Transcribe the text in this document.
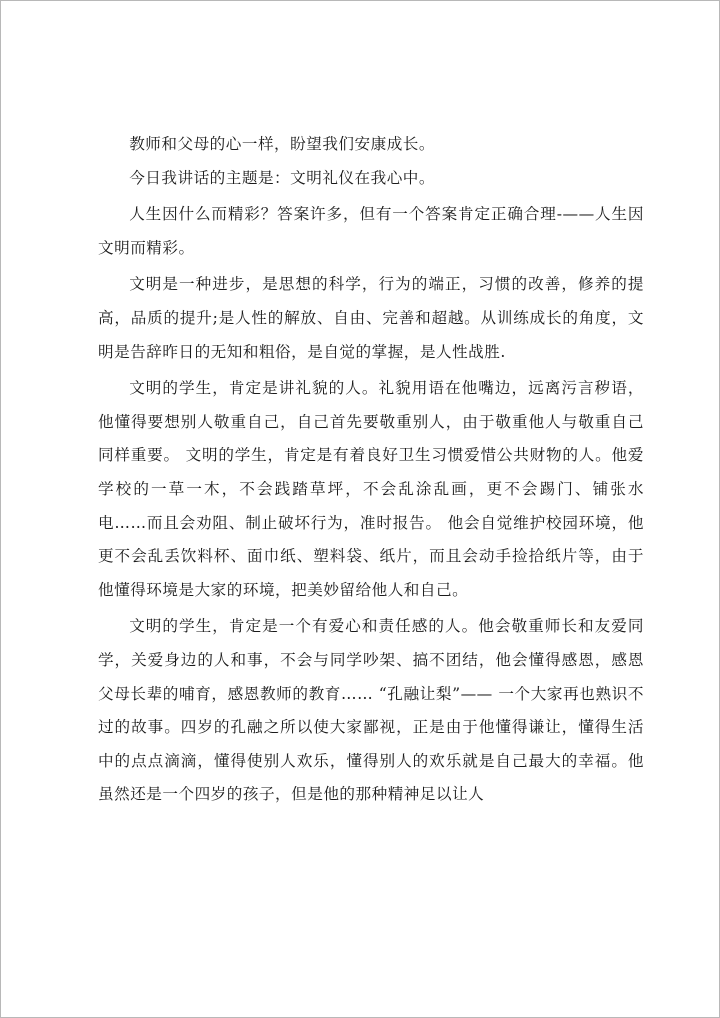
教师和父母的心一样，盼望我们安康成长。

今日我讲话的主题是：文明礼仪在我心中。

人生因什么而精彩？答案许多，但有一个答案肯定正确合理-——人生因文明而精彩。

文明是一种进步，是思想的科学，行为的端正，习惯的改善，修养的提高，品质的提升;是人性的解放、自由、完善和超越。从训练成长的角度，文明是告辞昨日的无知和粗俗，是自觉的掌握，是人性战胜.

文明的学生，肯定是讲礼貌的人。礼貌用语在他嘴边，远离污言秽语，他懂得要想别人敬重自己，自己首先要敬重别人，由于敬重他人与敬重自己同样重要。 文明的学生，肯定是有着良好卫生习惯爱惜公共财物的人。他爱学校的一草一木，不会践踏草坪，不会乱涂乱画，更不会踢门、铺张水电……而且会劝阻、制止破坏行为，准时报告。 他会自觉维护校园环境，他更不会乱丢饮料杯、面巾纸、塑料袋、纸片，而且会动手捡拾纸片等，由于他懂得环境是大家的环境，把美妙留给他人和自己。

文明的学生，肯定是一个有爱心和责任感的人。他会敬重师长和友爱同学，关爱身边的人和事，不会与同学吵架、搞不团结，他会懂得感恩，感恩父母长辈的哺育，感恩教师的教育…… “孔融让梨”—— 一个大家再也熟识不过的故事。四岁的孔融之所以使大家鄙视，正是由于他懂得谦让，懂得生活中的点点滴滴，懂得使别人欢乐，懂得别人的欢乐就是自己最大的幸福。他虽然还是一个四岁的孩子，但是他的那种精神足以让人
